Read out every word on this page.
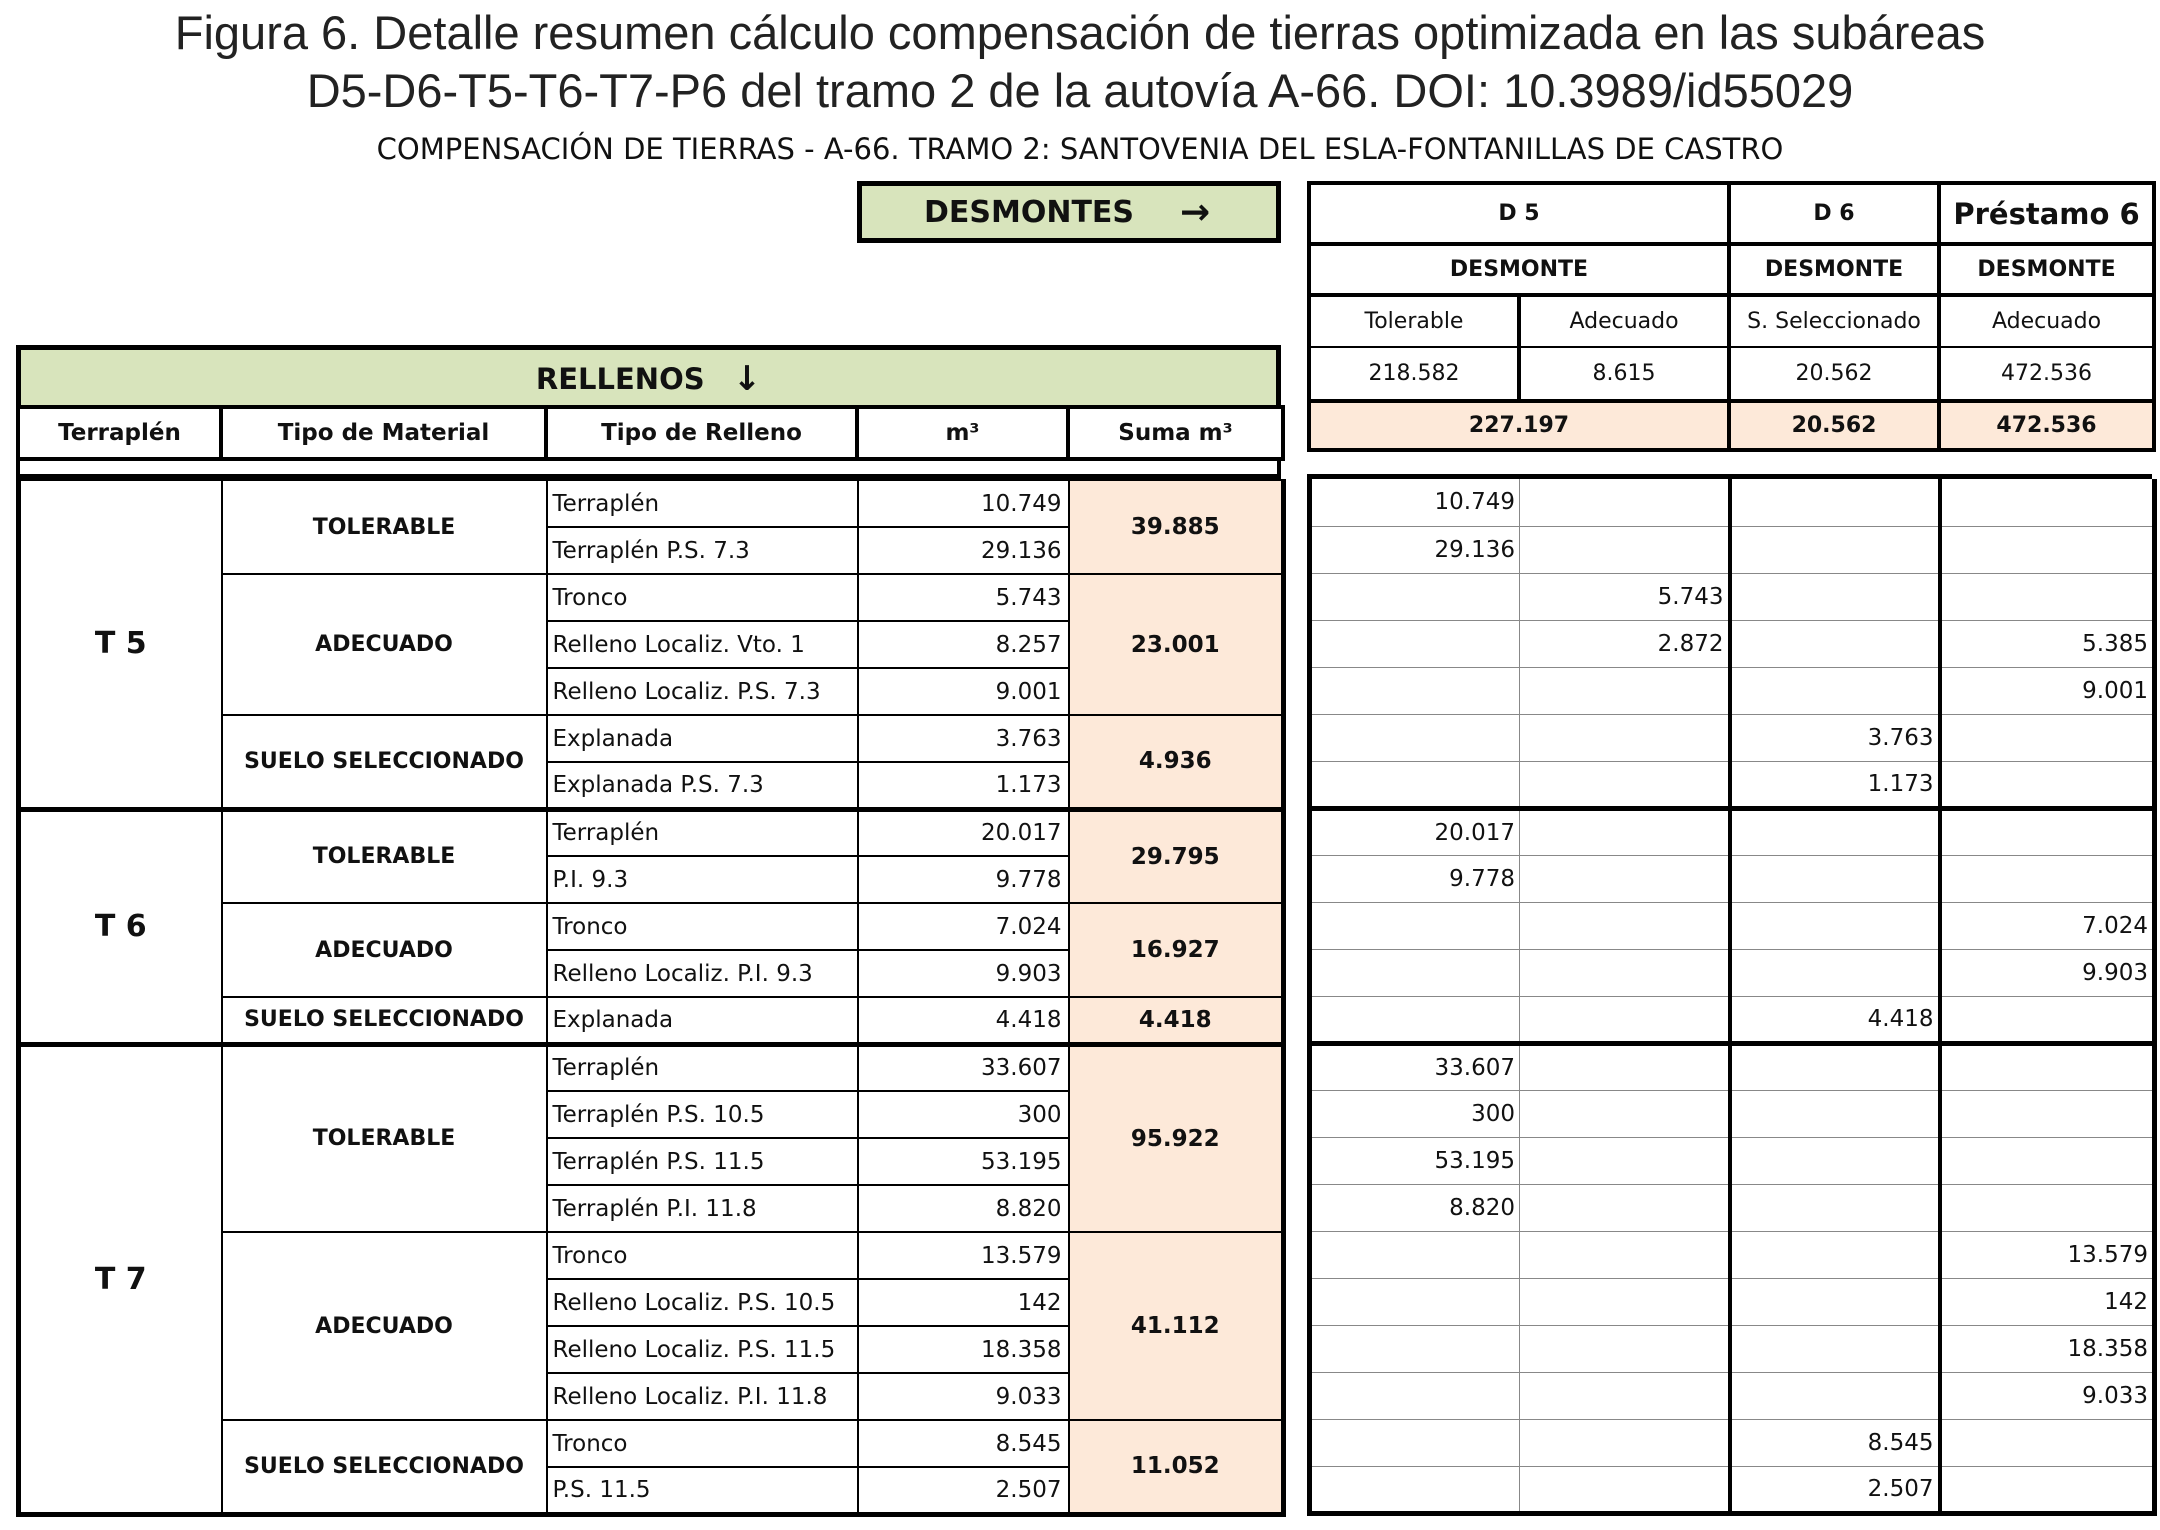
Figura 6. Detalle resumen cálculo compensación de tierras optimizada en las subáreas
D5-D6-T5-T6-T7-P6 del tramo 2 de la autovía A-66. DOI: 10.3989/id55029
COMPENSACIÓN DE TIERRAS - A-66. TRAMO 2: SANTOVENIA DEL ESLA-FONTANILLAS DE CASTRO
DESMONTES →
RELLENOS ↓
Terraplén	Tipo de Material	Tipo de Relleno	m³	Suma m³
D 5		D 6	Préstamo 6
DESMONTE		DESMONTE	DESMONTE
Tolerable	Adecuado	S. Seleccionado	Adecuado
218.582	8.615	20.562	472.536
227.197		20.562	472.536
T 5	TOLERABLE	Terraplén	10.749	39.885
		Terraplén P.S. 7.3	29.136	
	ADECUADO	Tronco	5.743	23.001
		Relleno Localiz. Vto. 1	8.257	
		Relleno Localiz. P.S. 7.3	9.001	
	SUELO SELECCIONADO	Explanada	3.763	4.936
		Explanada P.S. 7.3	1.173	
T 6	TOLERABLE	Terraplén	20.017	29.795
		P.I. 9.3	9.778	
	ADECUADO	Tronco	7.024	16.927
		Relleno Localiz. P.I. 9.3	9.903	
	SUELO SELECCIONADO	Explanada	4.418	4.418
T 7	TOLERABLE	Terraplén	33.607	95.922
		Terraplén P.S. 10.5	300	
		Terraplén P.S. 11.5	53.195	
		Terraplén P.I. 11.8	8.820	
	ADECUADO	Tronco	13.579	41.112
		Relleno Localiz. P.S. 10.5	142	
		Relleno Localiz. P.S. 11.5	18.358	
		Relleno Localiz. P.I. 11.8	9.033	
	SUELO SELECCIONADO	Tronco	8.545	11.052
		P.S. 11.5	2.507	
10.749			
29.136			
	5.743		
	2.872		5.385
			9.001
		3.763	
		1.173	
20.017			
9.778			
			7.024
			9.903
		4.418	
33.607			
300			
53.195			
8.820			
			13.579
			142
			18.358
			9.033
		8.545	
		2.507	
